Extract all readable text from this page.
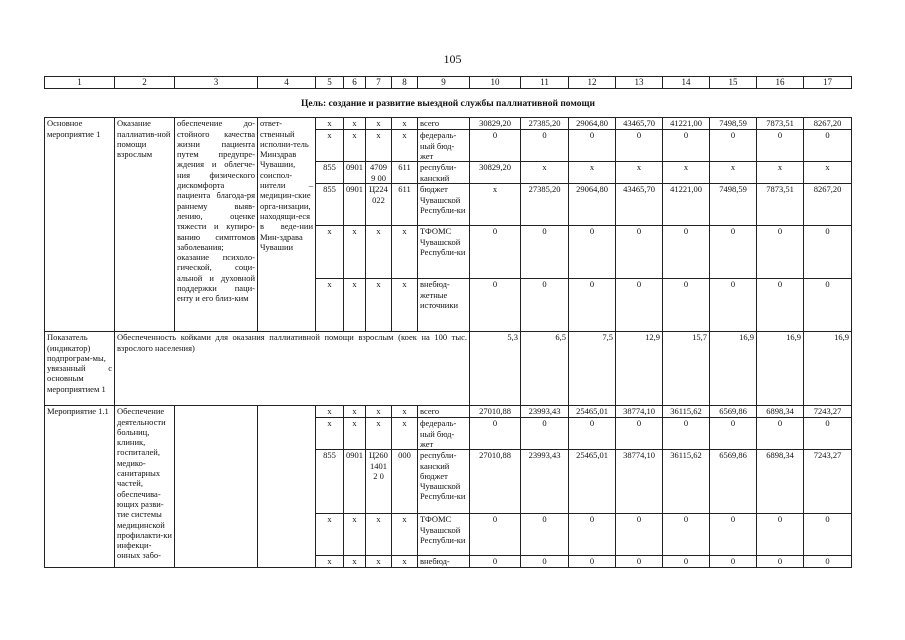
105
1	2	3	4	5	6	7	8	9	10	11	12	13	14	15	16	17
Цель: создание и развитие выездной службы паллиативной помощи																
Основное мероприятие 1	Оказание паллиатив-ной помощи взрослым	обеспечение до-стойного качества жизни пациента путем предупре-ждения и облегче-ния физического дискомфорта пациента благода-ря раннему выяв-лению, оценке тяжести и купиро-ванию симптомов заболевания; оказание психоло-гической, соци-альной и духовной поддержки паци-енту и его близ-ким	ответ-ственный исполни-тель Минздрав Чувашии, соиспол-нители – медицин-ские орга-низации, находящи-еся в веде-нии Мин-здрава Чувашии	x	x	x	x	всего	30829,20	27385,20	29064,80	43465,70	41221,00	7498,59	7873,51	8267,20
				x	x	x	x	федераль-ный бюд-жет	0	0	0	0	0	0	0	0
				855	0901	47099 00	611	республи-канский	30829,20	x	x	x	x	x	x	x
				855	0901	Ц224 022	611	бюджет Чувашской Республи-ки	x	27385,20	29064,80	43465,70	41221,00	7498,59	7873,51	8267,20
				x	x	x	x	ТФОМС Чувашской Республи-ки	0	0	0	0	0	0	0	0
				x	x	x	x	внебюд-жетные источники	0	0	0	0	0	0	0	0
Показатель (индикатор) подпрограм-мы, увязанный с основным мероприятием 1	Обеспеченность койками для оказания паллиативной помощи взрослым (коек на 100 тыс. взрослого населения)								5,3	6,5	7,5	12,9	15,7	16,9	16,9	16,9
Мероприятие 1.1	Обеспечение деятельности больниц, клиник, госпиталей, медико-санитарных частей, обеспечива-ющих разви-тие системы медицинской профилакти-ки инфекци-онных забо-			x	x	x	x	всего	27010,88	23993,43	25465,01	38774,10	36115,62	6569,86	6898,34	7243,27
				x	x	x	x	федераль-ный бюд-жет	0	0	0	0	0	0	0	0
				855	0901	Ц260 14012 0	000	республи-канский бюджет Чувашской Республи-ки	27010,88	23993,43	25465,01	38774,10	36115,62	6569,86	6898,34	7243,27
				x	x	x	x	ТФОМС Чувашской Республи-ки	0	0	0	0	0	0	0	0
				x	x	x	x	внебюд-	0	0	0	0	0	0	0	0
